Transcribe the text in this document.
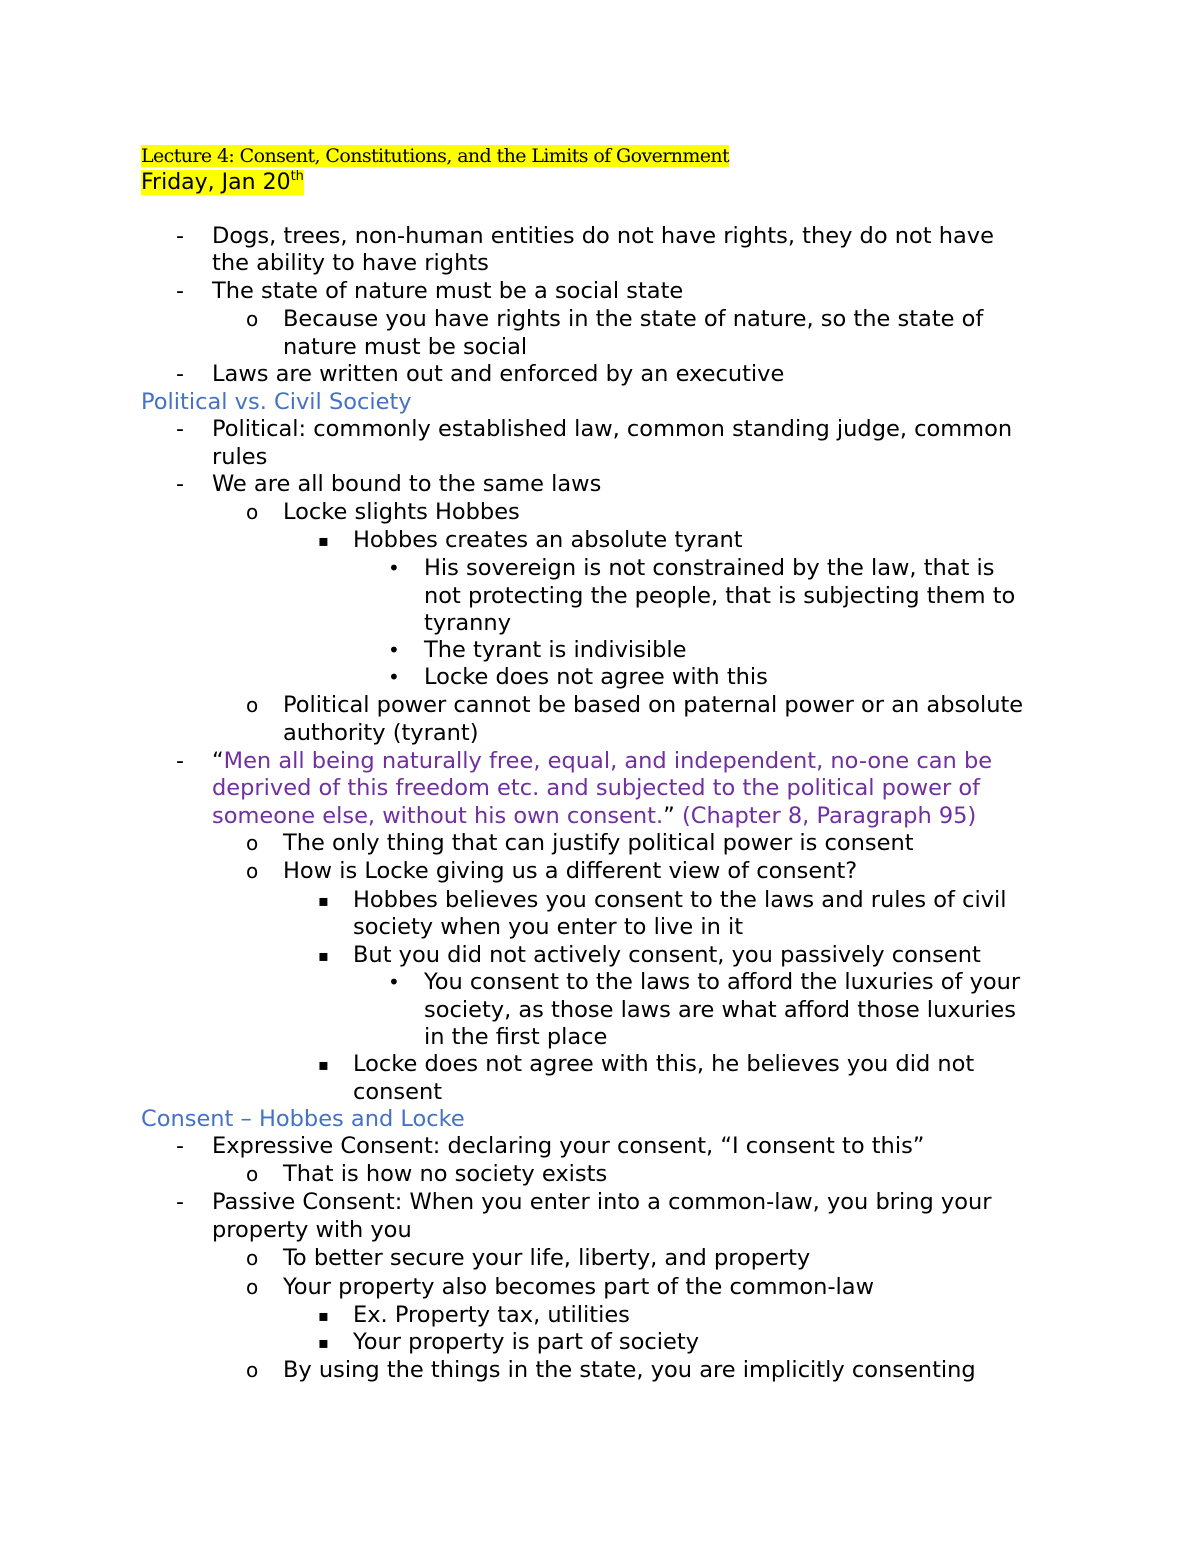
Lecture 4: Consent, Constitutions, and the Limits of Government
Friday, Jan 20th
- Dogs, trees, non-human entities do not have rights, they do not have
the ability to have rights
- The state of nature must be a social state
o Because you have rights in the state of nature, so the state of
nature must be social
- Laws are written out and enforced by an executive
Political vs. Civil Society
- Political: commonly established law, common standing judge, common
rules
- We are all bound to the same laws
o Locke slights Hobbes
▪ Hobbes creates an absolute tyrant
• His sovereign is not constrained by the law, that is
not protecting the people, that is subjecting them to
tyranny
• The tyrant is indivisible
• Locke does not agree with this
o Political power cannot be based on paternal power or an absolute
authority (tyrant)
- “Men all being naturally free, equal, and independent, no-one can be
deprived of this freedom etc. and subjected to the political power of
someone else, without his own consent.” (Chapter 8, Paragraph 95)
o The only thing that can justify political power is consent
o How is Locke giving us a different view of consent?
▪ Hobbes believes you consent to the laws and rules of civil
society when you enter to live in it
▪ But you did not actively consent, you passively consent
• You consent to the laws to afford the luxuries of your
society, as those laws are what afford those luxuries
in the first place
▪ Locke does not agree with this, he believes you did not
consent
Consent – Hobbes and Locke
- Expressive Consent: declaring your consent, “I consent to this”
o That is how no society exists
- Passive Consent: When you enter into a common-law, you bring your
property with you
o To better secure your life, liberty, and property
o Your property also becomes part of the common-law
▪ Ex. Property tax, utilities
▪ Your property is part of society
o By using the things in the state, you are implicitly consenting
